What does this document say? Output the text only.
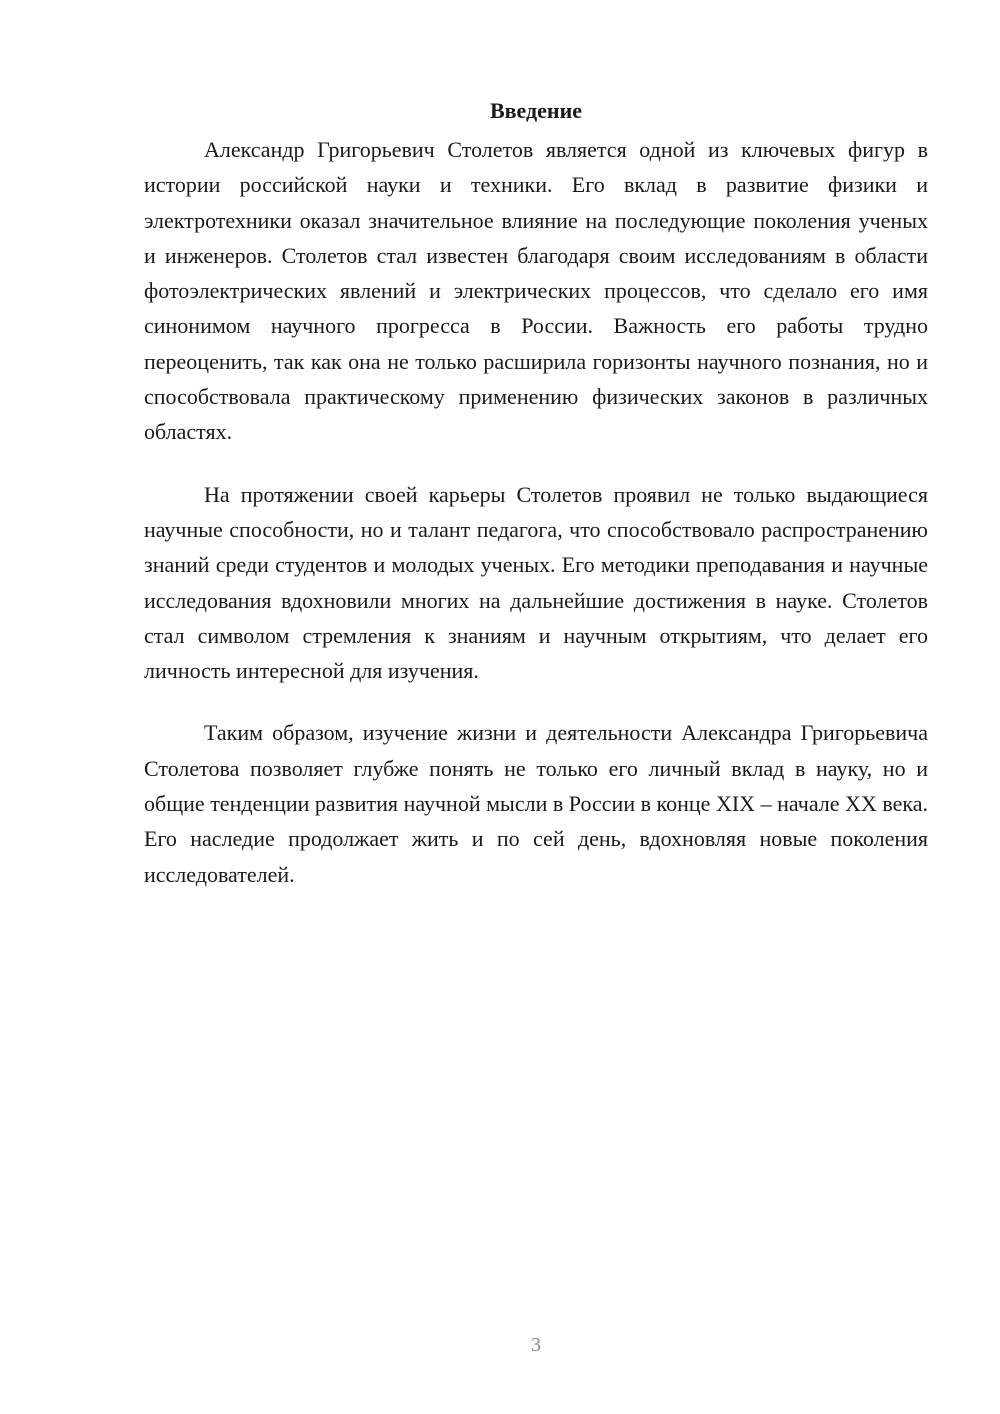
Введение

Александр Григорьевич Столетов является одной из ключевых фигур в истории российской науки и техники. Его вклад в развитие физики и электротехники оказал значительное влияние на последующие поколения ученых и инженеров. Столетов стал известен благодаря своим исследованиям в области фотоэлектрических явлений и электрических процессов, что сделало его имя синонимом научного прогресса в России. Важность его работы трудно переоценить, так как она не только расширила горизонты научного познания, но и способствовала практическому применению физических законов в различных областях.

На протяжении своей карьеры Столетов проявил не только выдающиеся научные способности, но и талант педагога, что способствовало распространению знаний среди студентов и молодых ученых. Его методики преподавания и научные исследования вдохновили многих на дальнейшие достижения в науке. Столетов стал символом стремления к знаниям и научным открытиям, что делает его личность интересной для изучения.

Таким образом, изучение жизни и деятельности Александра Григорьевича Столетова позволяет глубже понять не только его личный вклад в науку, но и общие тенденции развития научной мысли в России в конце XIX – начале XX века. Его наследие продолжает жить и по сей день, вдохновляя новые поколения исследователей.

3
